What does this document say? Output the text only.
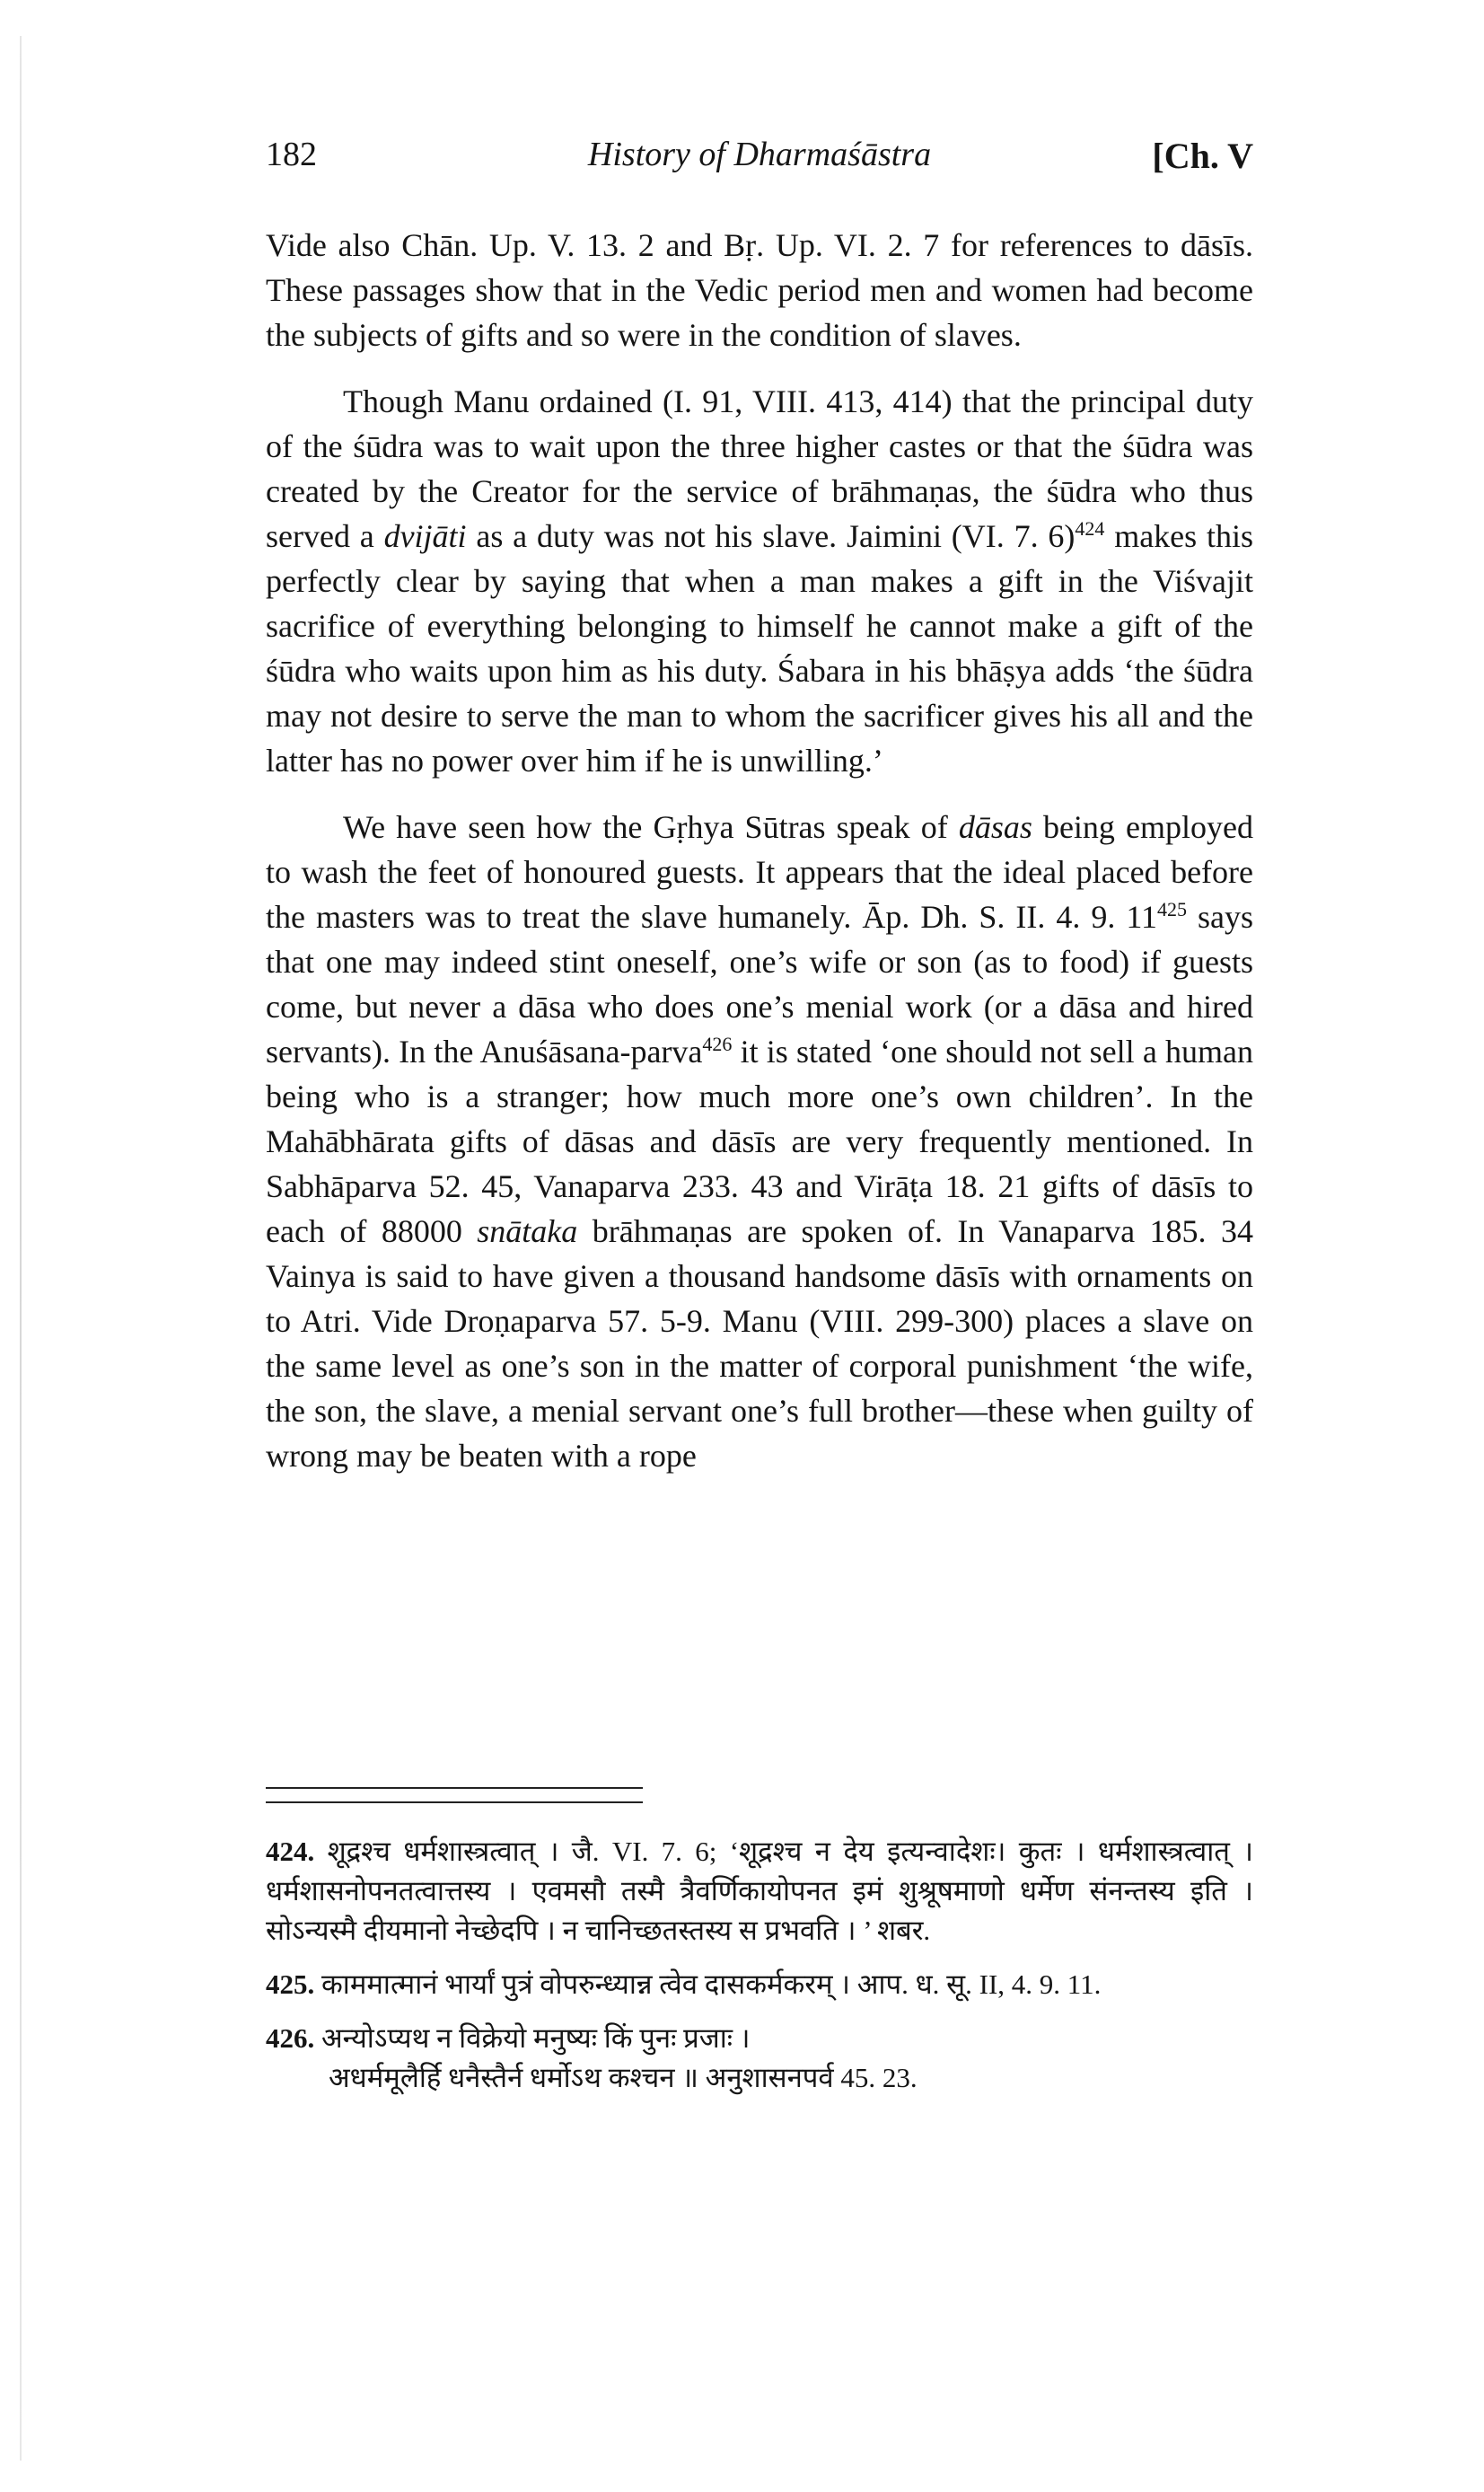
182	History of Dharmaśāstra	[Ch. V

Vide also Chān. Up. V. 13. 2 and Bṛ. Up. VI. 2. 7 for references to dāsīs. These passages show that in the Vedic period men and women had become the subjects of gifts and so were in the condition of slaves.

Though Manu ordained (I. 91, VIII. 413, 414) that the principal duty of the śūdra was to wait upon the three higher castes or that the śūdra was created by the Creator for the service of brāhmaṇas, the śūdra who thus served a dvijāti as a duty was not his slave. Jaimini (VI. 7. 6)$^{424}$ makes this perfectly clear by saying that when a man makes a gift in the Viśvajit sacrifice of everything belonging to himself he cannot make a gift of the śūdra who waits upon him as his duty. Śabara in his bhāṣya adds ‘the śūdra may not desire to serve the man to whom the sacrificer gives his all and the latter has no power over him if he is unwilling.’

We have seen how the Gṛhya Sūtras speak of dāsas being employed to wash the feet of honoured guests. It appears that the ideal placed before the masters was to treat the slave humanely. Āp. Dh. S. II. 4. 9. $11^{425}$ says that one may indeed stint oneself, one’s wife or son (as to food) if guests come, but never a dāsa who does one’s menial work (or a dāsa and hired servants). In the Anuśāsana-parva$^{426}$ it is stated ‘one should not sell a human being who is a stranger; how much more one’s own children’. In the Mahābhārata gifts of dāsas and dāsīs are very frequently mentioned. In Sabhāparva 52. 45, Vanaparva 233. 43 and Virāṭa 18. 21 gifts of dāsīs to each of 88000 snātaka brāhmaṇas are spoken of. In Vanaparva 185. 34 Vainya is said to have given a thousand handsome dāsīs with ornaments on to Atri. Vide Droṇaparva 57. 5-9. Manu (VIII. 299-300) places a slave on the same level as one’s son in the matter of corporal punishment ‘the wife, the son, the slave, a menial servant one’s full brother—these when guilty of wrong may be beaten with a rope

424. शूद्रश्च धर्मशास्त्रत्वात् । जै. VI. 7. 6; ‘शूद्रश्च न देय इत्यन्वादेशः। कुतः । धर्मशास्त्रत्वात् । धर्मशासनोपनतत्वात्तस्य । एवमसौ तस्मै त्रैवर्णिकायोपनत इमं शुश्रूषमाणो धर्मेण संनन्तस्य इति । सोऽन्यस्मै दीयमानो नेच्छेदपि । न चानिच्छतस्तस्य स प्रभवति । ’ शबर.
425. काममात्मानं भार्यां पुत्रं वोपरुन्ध्यान्न त्वेव दासकर्मकरम् । आप. ध. सू. II, 4. 9. 11.
426. अन्योऽप्यथ न विक्रेयो मनुष्यः किं पुनः प्रजाः ।
अधर्ममूलैर्हि धनैस्तैर्न धर्मोऽथ कश्चन ॥ अनुशासनपर्व 45. 23.
